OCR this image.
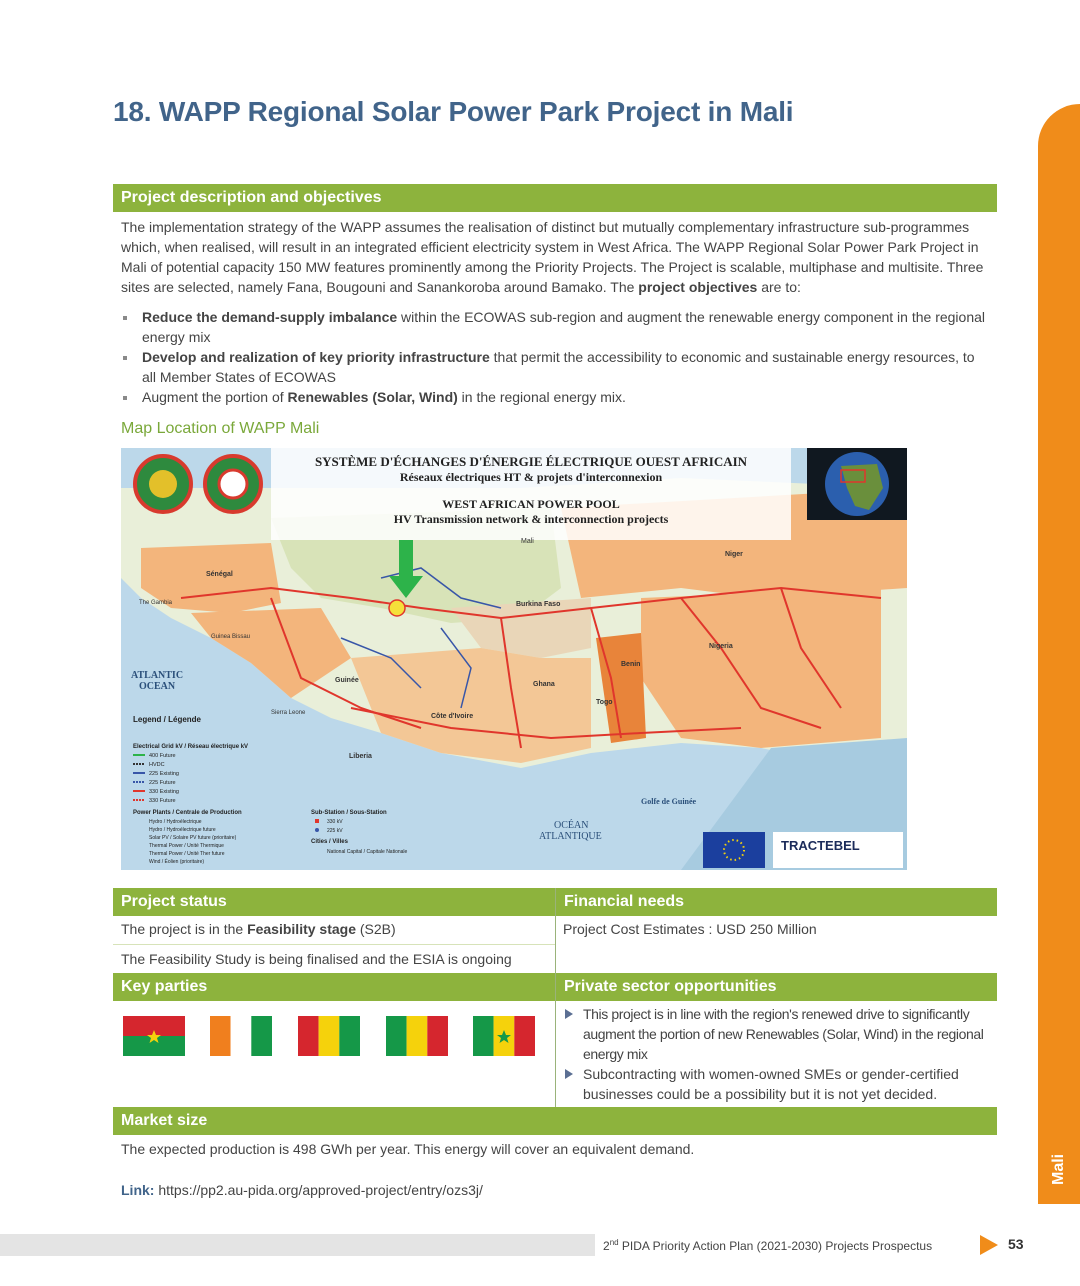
18. WAPP Regional Solar Power Park Project in Mali
Mali
Project description and objectives
The implementation strategy of the WAPP assumes the realisation of distinct but mutually complementary infrastructure sub-programmes which, when realised, will result in an integrated efficient electricity system in West Africa. The WAPP Regional Solar Power Park Project in Mali of potential capacity 150 MW features prominently among the Priority Projects. The Project is scalable, multiphase and multisite. Three sites are selected, namely Fana, Bougouni and Sanankoroba around Bamako. The project objectives are to:
Reduce the demand-supply imbalance within the ECOWAS sub-region and augment the renewable energy component in the regional energy mix
Develop and realization of key priority infrastructure that permit the accessibility to economic and sustainable energy resources, to all Member States of ECOWAS
Augment the portion of Renewables (Solar, Wind) in the regional energy mix.
Map Location of WAPP Mali
SYSTÈME D'ÉCHANGES D'ÉNERGIE ÉLECTRIQUE OUEST AFRICAIN
Réseaux électriques HT & projets d'interconnexion
WEST AFRICAN POWER POOL
HV Transmission network & interconnection projects
Mali
Niger
Burkina Faso
Nigeria
Ghana
Benin
Togo
Côte d'Ivoire
Guinée
Liberia
Sénégal
The Gambia
Guinea Bissau
Sierra Leone
ATLANTIC
OCEAN
OCÉAN
ATLANTIQUE
Golfe de Guinée
Legend / Légende
Electrical Grid kV / Réseau électrique kV
400 Future
HVDC
225 Existing
225 Future
330 Existing
330 Future
Power Plants / Centrale de Production
Hydro / Hydroélectrique
Hydro / Hydroélectrique future
Solar PV / Solaire PV future (prioritaire)
Thermal Power / Unité Thermique
Thermal Power / Unité Ther future
Wind / Éolien (prioritaire)
Sub-Station / Sous-Station
330 kV
225 kV
Cities / Villes
National Capital / Capitale Nationale	TRACTEBEL
Project status	Financial needs
The project is in the Feasibility stage (S2B)
The Feasibility Study is being finalised and the ESIA is ongoing
Project Cost Estimates : USD 250 Million
Key parties	Private sector opportunities
This project is in line with the region's renewed drive to significantly augment the portion of new Renewables (Solar, Wind) in the regional energy mix
Subcontracting with women-owned SMEs or gender-certified businesses could be a possibility but it is not yet decided.
Market size
The expected production is 498 GWh per year. This energy will cover an equivalent demand.
Link: https://pp2.au-pida.org/approved-project/entry/ozs3j/
2nd PIDA Priority Action Plan (2021-2030) Projects Prospectus	53
